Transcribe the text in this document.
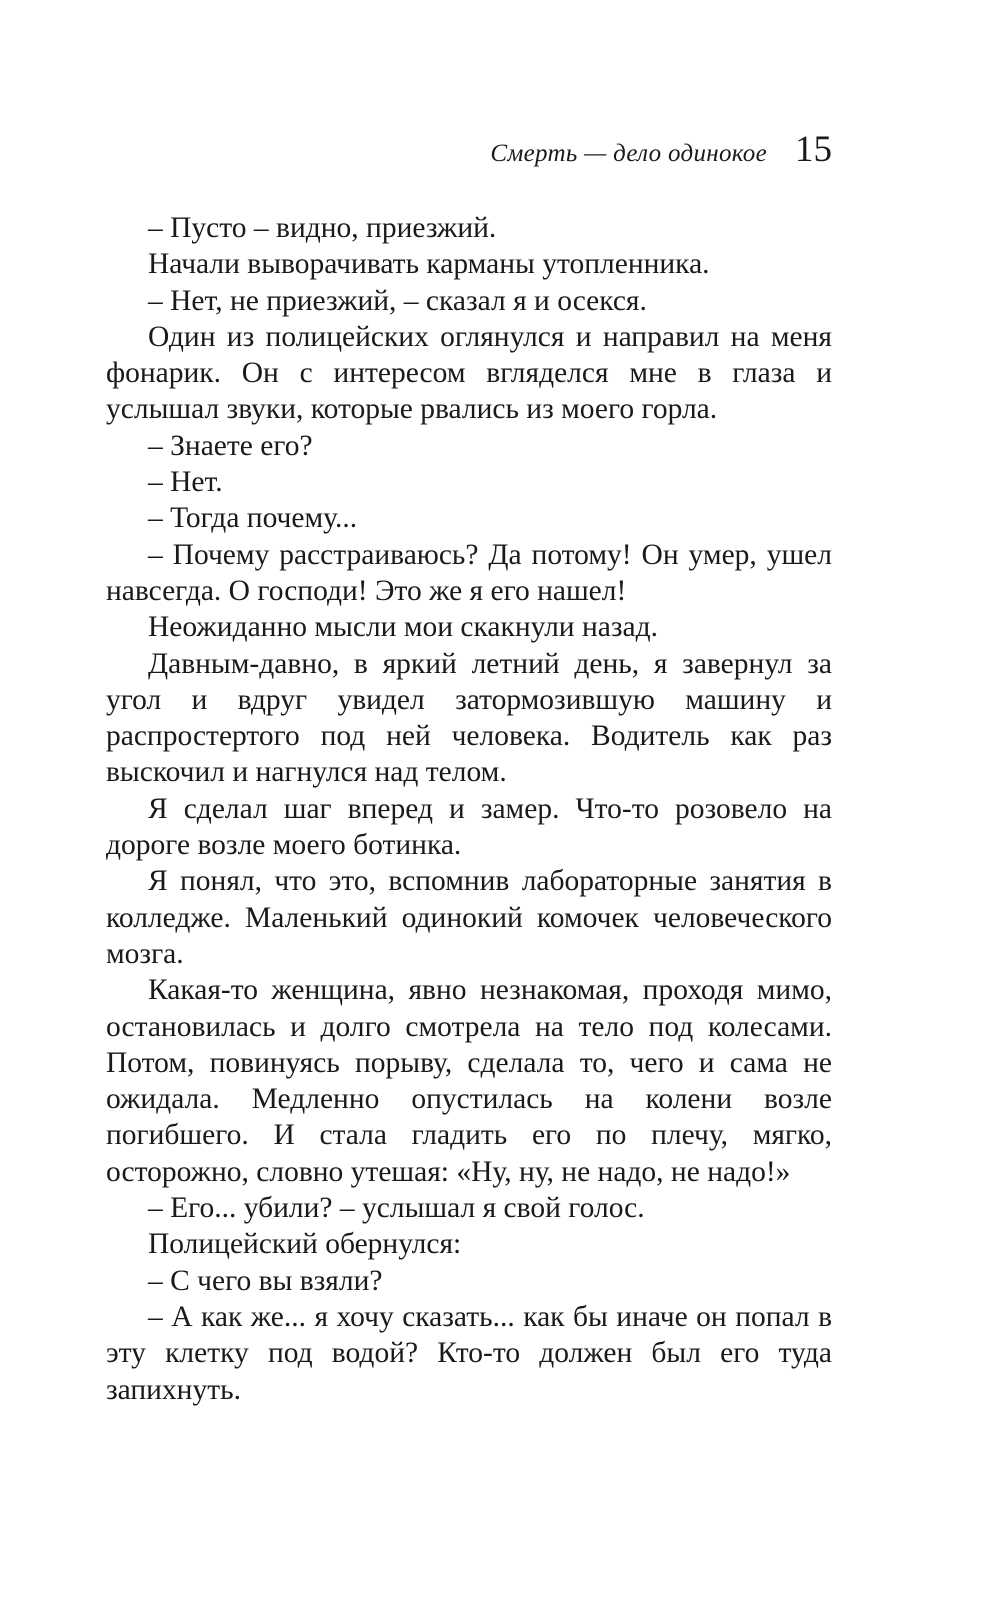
Смерть — дело одинокое 15

– Пусто – видно, приезжий.

Начали выворачивать карманы утопленника.

– Нет, не приезжий, – сказал я и осекся.

Один из полицейских оглянулся и направил на меня фонарик. Он с интересом вгляделся мне в глаза и услышал звуки, которые рвались из моего горла.

– Знаете его?

– Нет.

– Тогда почему...

– Почему расстраиваюсь? Да потому! Он умер, ушел навсегда. О господи! Это же я его нашел!

Неожиданно мысли мои скакнули назад.

Давным-давно, в яркий летний день, я завернул за угол и вдруг увидел затормозившую машину и распростертого под ней человека. Водитель как раз выскочил и нагнулся над телом.

Я сделал шаг вперед и замер. Что-то розовело на дороге возле моего ботинка.

Я понял, что это, вспомнив лабораторные занятия в колледже. Маленький одинокий комочек человеческого мозга.

Какая-то женщина, явно незнакомая, проходя мимо, остановилась и долго смотрела на тело под колесами. Потом, повинуясь порыву, сделала то, чего и сама не ожидала. Медленно опустилась на колени возле погибшего. И стала гладить его по плечу, мягко, осторожно, словно утешая: «Ну, ну, не надо, не надо!»

– Его... убили? – услышал я свой голос.

Полицейский обернулся:

– С чего вы взяли?

– А как же... я хочу сказать... как бы иначе он попал в эту клетку под водой? Кто-то должен был его туда запихнуть.
